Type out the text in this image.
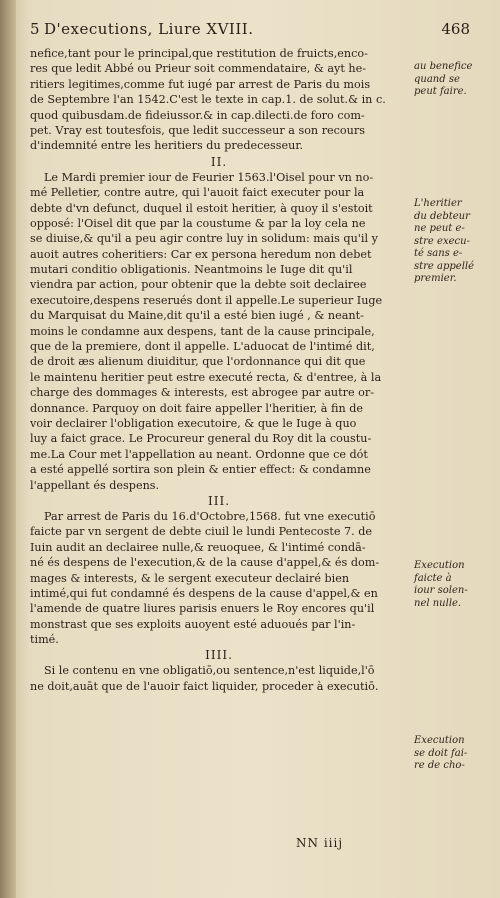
5 D'executions, Liure XVIII.	468
nefice,tant pour le principal,que restitution de fruicts,enco-
res que ledit Abbé ou Prieur soit commendataire, & ayt he-
ritiers legitimes,comme fut iugé par arrest de Paris du mois
de Septembre l'an 1542.C'est le texte in cap.1. de solut.& in c.
quod quibusdam.de fideiussor.& in cap.dilecti.de foro com-
pet. Vray est toutesfois, que ledit successeur a son recours
d'indemnité entre les heritiers du predecesseur.
II.
Le Mardi premier iour de Feurier 1563.l'Oisel pour vn no-
mé Pelletier, contre autre, qui l'auoit faict executer pour la
debte d'vn defunct, duquel il estoit heritier, à quoy il s'estoit
opposé: l'Oisel dit que par la coustume & par la loy cela ne
se diuise,& qu'il a peu agir contre luy in solidum: mais qu'il y
auoit autres coheritiers: Car ex persona heredum non debet
mutari conditio obligationis. Neantmoins le Iuge dit qu'il
viendra par action, pour obtenir que la debte soit declairee
executoire,despens reserués dont il appelle.Le superieur Iuge
du Marquisat du Maine,dit qu'il a esté bien iugé , & neant-
moins le condamne aux despens, tant de la cause principale,
que de la premiere, dont il appelle. L'aduocat de l'intimé dit,
de droit æs alienum diuiditur, que l'ordonnance qui dit que
le maintenu heritier peut estre executé recta, & d'entree, à la
charge des dommages & interests, est abrogee par autre or-
donnance. Parquoy on doit faire appeller l'heritier, à fin de
voir declairer l'obligation executoire, & que le Iuge à quo
luy a faict grace. Le Procureur general du Roy dit la coustu-
me.La Cour met l'appellation au neant. Ordonne que ce dót
a esté appellé sortira son plein & entier effect: & condamne
l'appellant és despens.
III.
Par arrest de Paris du 16.d'Octobre,1568. fut vne executiō
faicte par vn sergent de debte ciuil le lundi Pentecoste 7. de
Iuin audit an declairee nulle,& reuoquee, & l'intimé condā-
né és despens de l'execution,& de la cause d'appel,& és dom-
mages & interests, & le sergent executeur declairé bien
intimé,qui fut condamné és despens de la cause d'appel,& en
l'amende de quatre liures parisis enuers le Roy encores qu'il
monstrast que ses exploits auoyent esté aduoués par l'in-
timé.
IIII.
Si le contenu en vne obligatiō,ou sentence,n'est liquide,l'ō
ne doit,auāt que de l'auoir faict liquider, proceder à executiō.
au benefice
quand se
peut faire.
L'heritier
du debteur
ne peut e-
stre execu-
té sans e-
stre appellé
premier.
Execution
faicte à
iour solen-
nel nulle.
Execution
se doit fai-
re de cho-
NN iiij
